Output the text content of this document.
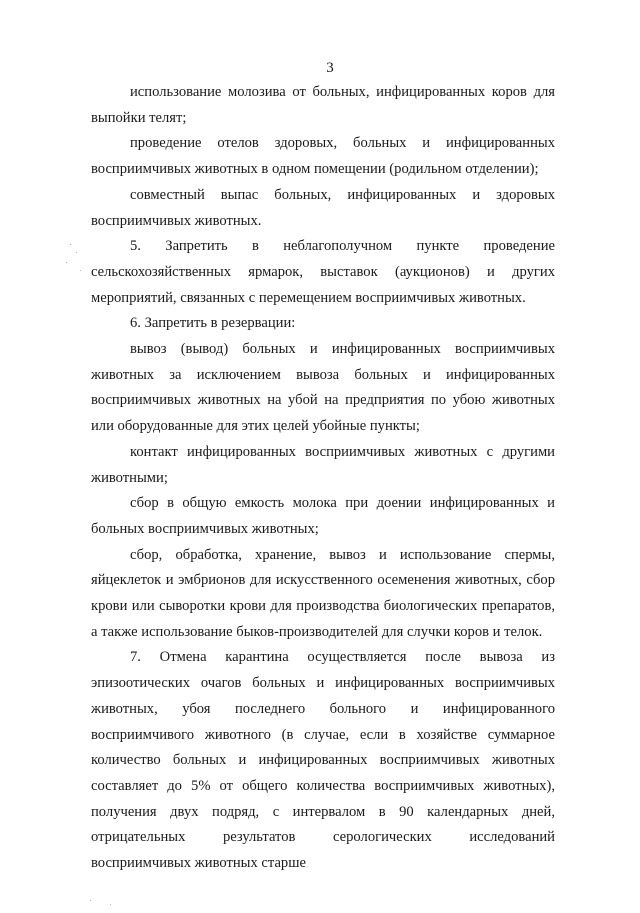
3

использование молозива от больных, инфицированных коров для выпойки телят;

проведение отелов здоровых, больных и инфицированных восприимчивых животных в одном помещении (родильном отделении);

совместный выпас больных, инфицированных и здоровых восприимчивых животных.

5. Запретить в неблагополучном пункте проведение сельскохозяйственных ярмарок, выставок (аукционов) и других мероприятий, связанных с перемещением восприимчивых животных.

6. Запретить в резервации:

вывоз (вывод) больных и инфицированных восприимчивых животных за исключением вывоза больных и инфицированных восприимчивых животных на убой на предприятия по убою животных или оборудованные для этих целей убойные пункты;

контакт инфицированных восприимчивых животных с другими животными;

сбор в общую емкость молока при доении инфицированных и больных восприимчивых животных;

сбор, обработка, хранение, вывоз и использование спермы, яйцеклеток и эмбрионов для искусственного осеменения животных, сбор крови или сыворотки крови для производства биологических препаратов, а также использование быков-производителей для случки коров и телок.

7. Отмена карантина осуществляется после вывоза из эпизоотических очагов больных и инфицированных восприимчивых животных, убоя последнего больного и инфицированного восприимчивого животного (в случае, если в хозяйстве суммарное количество больных и инфицированных восприимчивых животных составляет до 5% от общего количества восприимчивых животных), получения двух подряд, с интервалом в 90 календарных дней, отрицательных результатов серологических исследований восприимчивых животных старше
